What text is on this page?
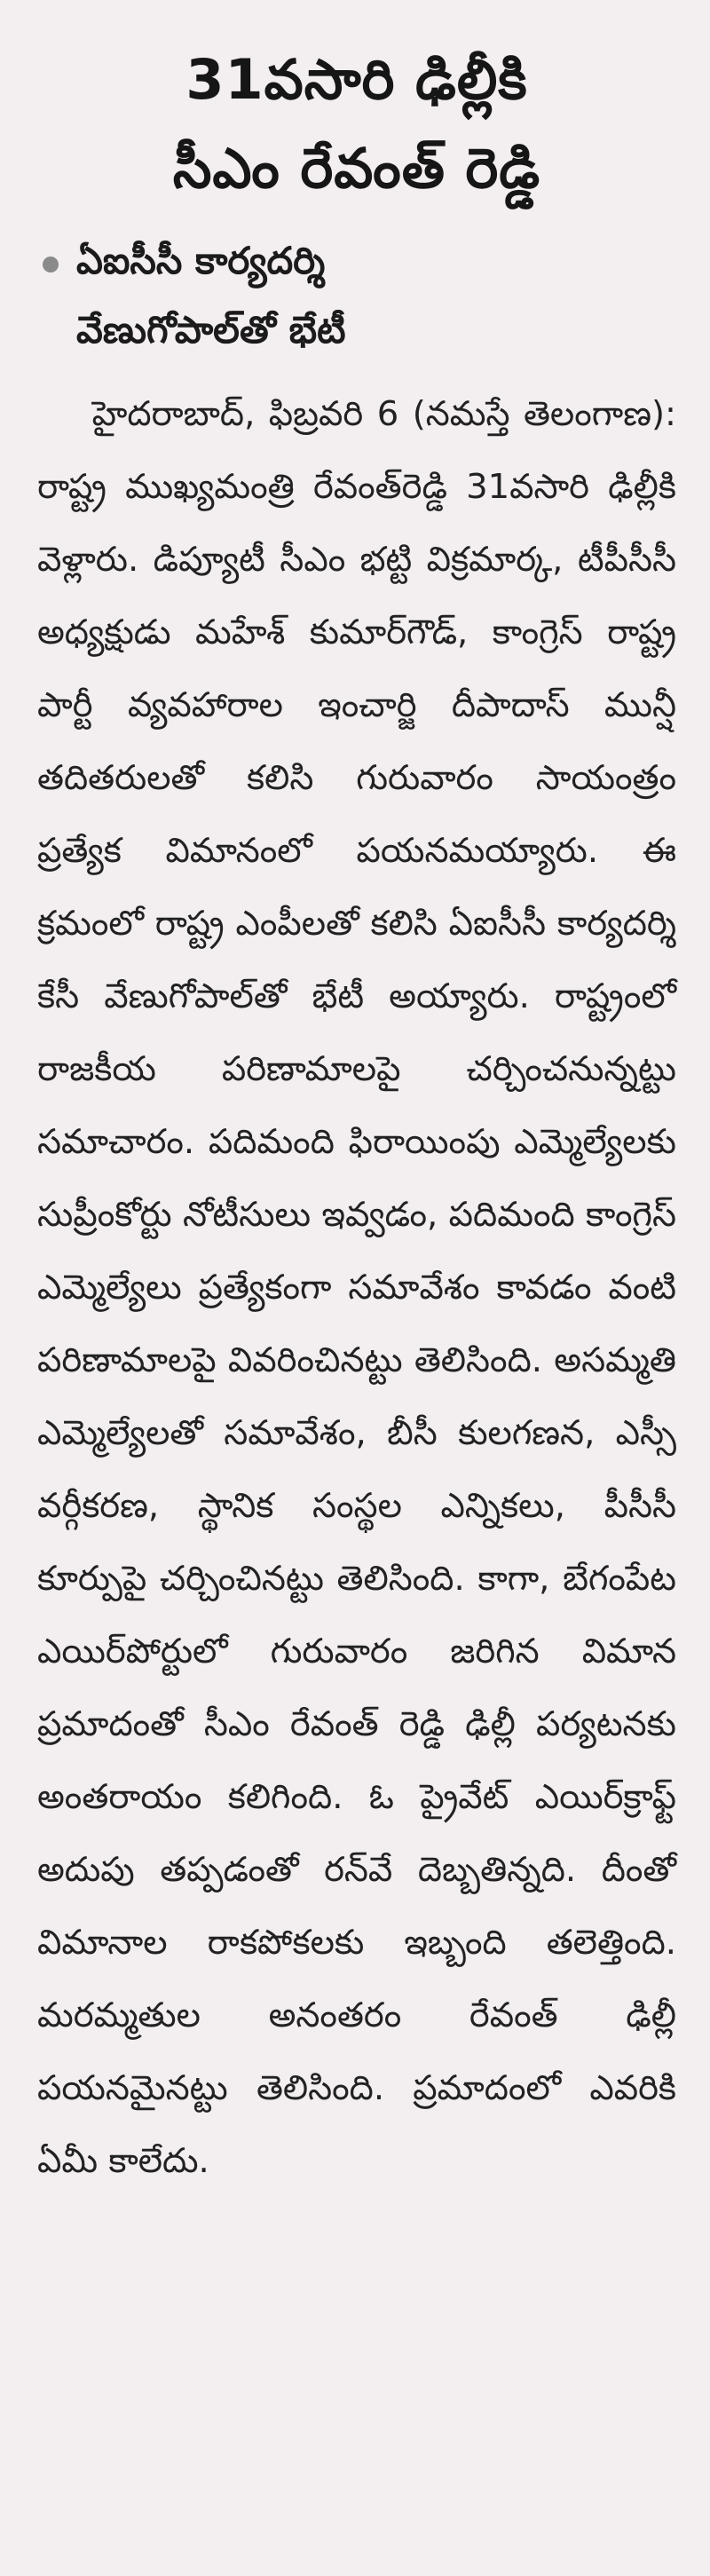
31వసారి ఢిల్లీకి
సీఎం రేవంత్‌ రెడ్డి
ఏఐసీసీ కార్యదర్శి
వేణుగోపాల్‌తో భేటీ

హైదరాబాద్‌, ఫిబ్రవరి 6 (నమస్తే తెలంగాణ): రాష్ట్ర ముఖ్యమంత్రి రేవంత్‌రెడ్డి 31వసారి ఢిల్లీకి వెళ్లారు. డిప్యూటీ సీఎం భట్టి విక్రమార్క, టీపీసీసీ అధ్యక్షుడు మహేశ్‌ కుమార్‌గౌడ్‌, కాంగ్రెస్‌ రాష్ట్ర పార్టీ వ్యవహారాల ఇంచార్జి దీపాదాస్‌ మున్షీ తదితరులతో కలిసి గురువారం సాయంత్రం ప్రత్యేక విమానంలో పయనమయ్యారు. ఈ క్రమంలో రాష్ట్ర ఎంపీలతో కలిసి ఏఐసీసీ కార్యదర్శి కేసీ వేణుగోపాల్‌తో భేటీ అయ్యారు. రాష్ట్రంలో రాజకీయ పరిణామాలపై చర్చించనున్నట్టు సమాచారం. పదిమంది ఫిరాయింపు ఎమ్మెల్యేలకు సుప్రీంకోర్టు నోటీసులు ఇవ్వడం, పదిమంది కాంగ్రెస్‌ ఎమ్మెల్యేలు ప్రత్యేకంగా సమావేశం కావడం వంటి పరిణామాలపై వివరించినట్టు తెలిసింది. అసమ్మతి ఎమ్మెల్యేలతో సమావేశం, బీసీ కులగణన, ఎస్సీ వర్గీకరణ, స్థానిక సంస్థల ఎన్నికలు, పీసీసీ కూర్పుపై చర్చించినట్టు తెలిసింది. కాగా, బేగంపేట ఎయిర్‌పోర్టులో గురువారం జరిగిన విమాన ప్రమాదంతో సీఎం రేవంత్‌ రెడ్డి ఢిల్లీ పర్యటనకు అంతరాయం కలిగింది. ఓ ప్రైవేట్‌ ఎయిర్‌క్రాఫ్ట్‌ అదుపు తప్పడంతో రన్‌వే దెబ్బతిన్నది. దీంతో విమానాల రాకపోకలకు ఇబ్బంది తలెత్తింది. మరమ్మతుల అనంతరం రేవంత్‌ ఢిల్లీ పయనమైనట్టు తెలిసింది. ప్రమాదంలో ఎవరికి ఏమీ కాలేదు.
